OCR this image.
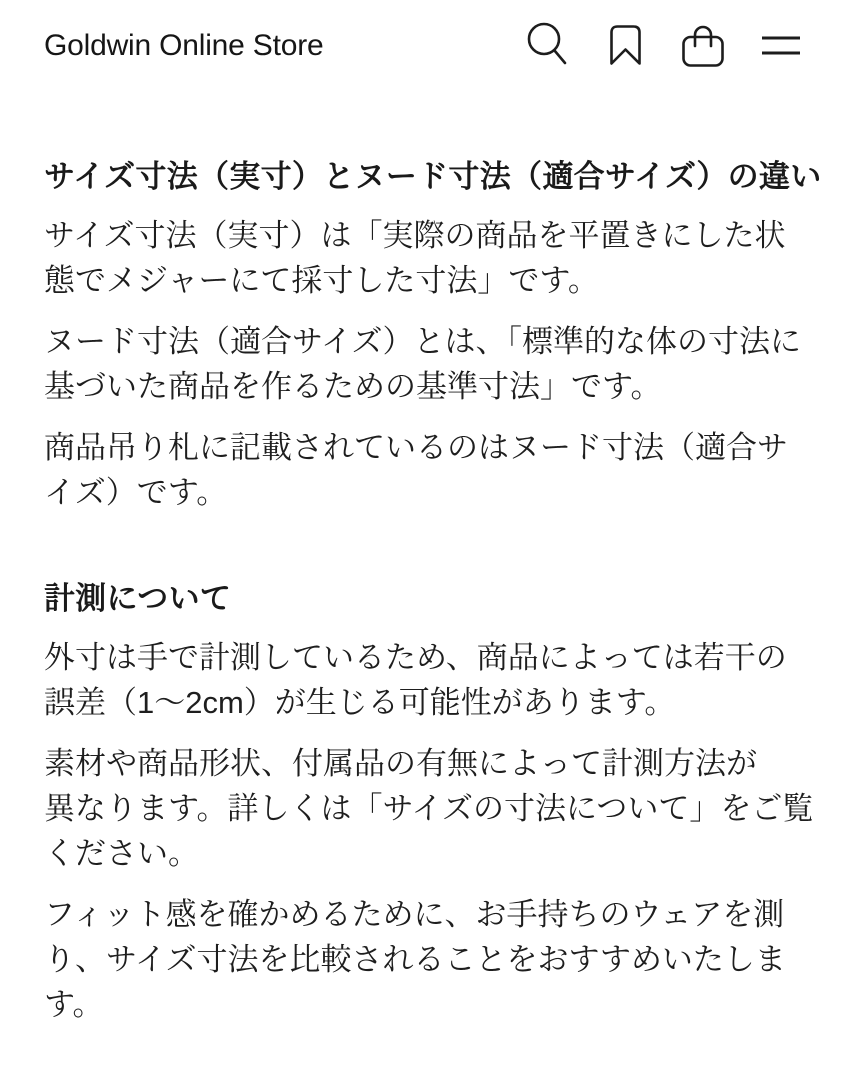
Goldwin Online Store
サイズ寸法（実寸）とヌード寸法（適合サイズ）の違い

サイズ寸法（実寸）は「実際の商品を平置きにした状
態でメジャーにて採寸した寸法」です。

ヌード寸法（適合サイズ）とは、「標準的な体の寸法に
基づいた商品を作るための基準寸法」です。

商品吊り札に記載されているのはヌード寸法（適合サ
イズ）です。

計測について

外寸は手で計測しているため、商品によっては若干の
誤差（1～2cm）が生じる可能性があります。

素材や商品形状、付属品の有無によって計測方法が
異なります。詳しくは「サイズの寸法について」をご覧
ください。

フィット感を確かめるために、お手持ちのウェアを測
り、サイズ寸法を比較されることをおすすめいたしま
す。
